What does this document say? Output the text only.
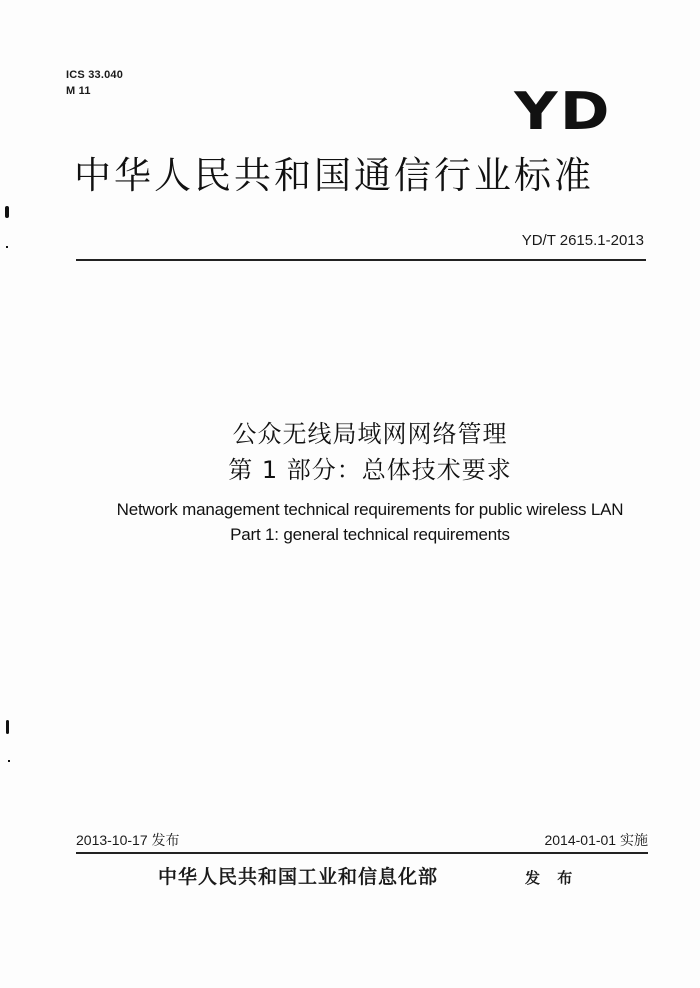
ICS 33.040
M 11	YD
中华人民共和国通信行业标准
YD/T 2615.1-2013
公众无线局域网网络管理
第 1 部分：总体技术要求
Network management technical requirements for public wireless LAN
Part 1: general technical requirements
2013-10-17 发布	2014-01-01 实施
中华人民共和国工业和信息化部	发 布
